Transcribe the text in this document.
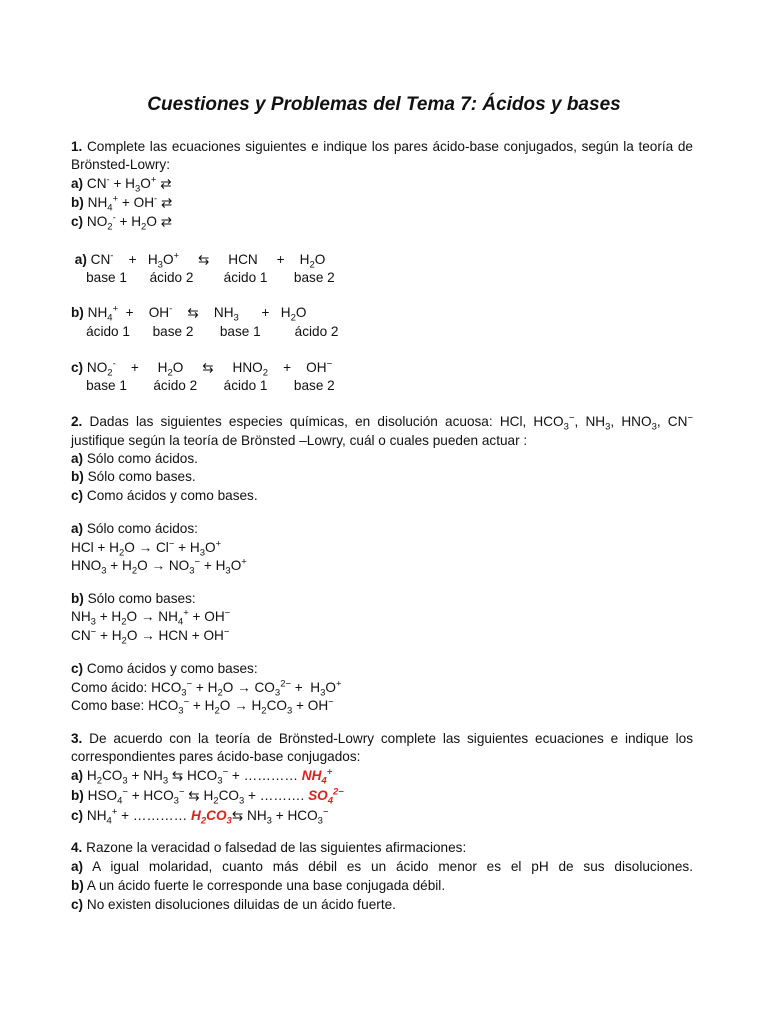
Cuestiones y Problemas del Tema 7: Ácidos y bases
1. Complete las ecuaciones siguientes e indique los pares ácido-base conjugados, según la teoría de
Brönsted-Lowry:
a) $CN^- + H_3O^+$ ⇄
b) $NH_4^+ + OH^-$ ⇄
c) $NO_2^- + H_2O$ ⇄
a) CN-    +   $H_3O^+$     ⇆     HCN     +    $H_2O$
base 1      ácido 2        ácido 1       base 2
b) $NH_4^+$  +    OH-    ⇆    $NH_3$      +   $H_2O$
ácido 1      base 2       base 1         ácido 2
c) $NO_2^-$    +     $H_2O$     ⇆     $HNO_2$    +    OH−
base 1       ácido 2       ácido 1       base 2
2. Dadas las siguientes especies químicas, en disolución acuosa: HCl, $HCO_3^-$, $NH_3$, $HNO_3$, CN−
justifique según la teoría de Brönsted –Lowry, cuál o cuales pueden actuar :
a) Sólo como ácidos.
b) Sólo como bases.
c) Como ácidos y como bases.
a) Sólo como ácidos:
HCl + $H_2O \to Cl^- + H_3O^+$
$HNO_3 + H_2O \to NO_3^- + H_3O^+$
b) Sólo como bases:
$NH_3 + H_2O \to NH_4^+ + OH^-$
$CN^- + H_2O$ → HCN + OH−
c) Como ácidos y como bases:
Como ácido: $HCO_3^- + H_2O \to CO_3^{2-} + H_3O^+$
Como base: $HCO_3^- + H_2O \to H_2CO_3 + OH^-$
3. De acuerdo con la teoría de Brönsted-Lowry complete las siguientes ecuaciones e indique los
correspondientes pares ácido-base conjugados:
a) $H_2CO_3 + NH_3$ ⇆ $HCO_3^-$ + ………… $NH_4^+$
b) $HSO_4^- + HCO_3^-$ ⇆ $H_2CO_3$ + ………. $SO_4^{2-}$
c) $NH_4^+$ + ………… $H_2CO_3⇆$ $NH_3 + HCO_3^-$
4. Razone la veracidad o falsedad de las siguientes afirmaciones:
a) A igual molaridad, cuanto más débil es un ácido menor es el pH de sus disoluciones.
b) A un ácido fuerte le corresponde una base conjugada débil.
c) No existen disoluciones diluidas de un ácido fuerte.
